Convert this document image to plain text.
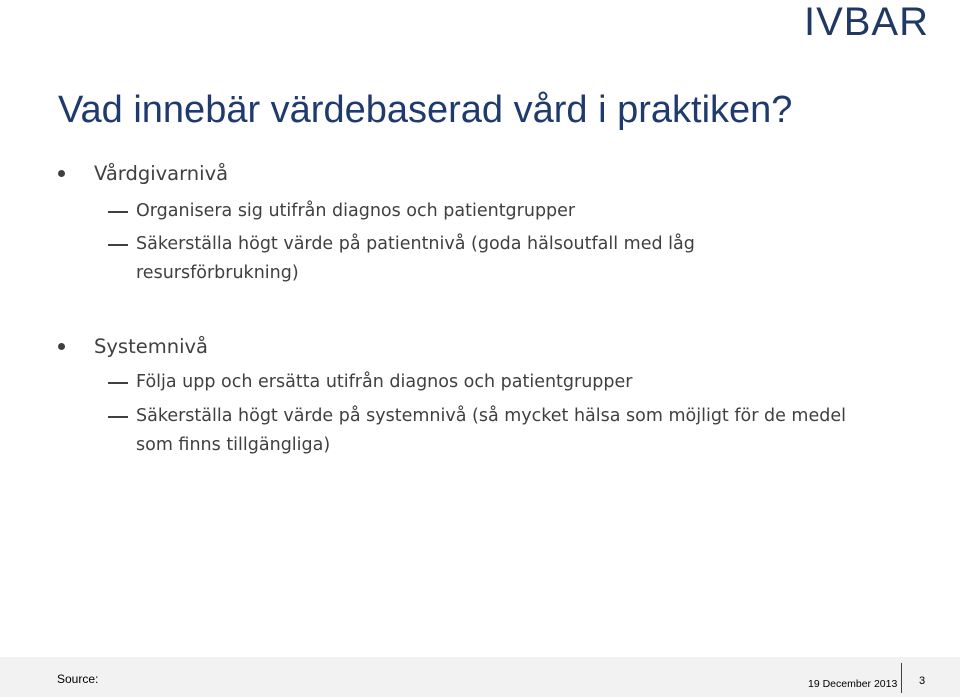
IVBAR
Vad innebär värdebaserad vård i praktiken?
Vårdgivarnivå
Organisera sig utifrån diagnos och patientgrupper
Säkerställa högt värde på patientnivå (goda hälsoutfall med låg resursförbrukning)
Systemnivå
Följa upp och ersätta utifrån diagnos och patientgrupper
Säkerställa högt värde på systemnivå (så mycket hälsa som möjligt för de medel som finns tillgängliga)
Source:	19 December 2013 3
